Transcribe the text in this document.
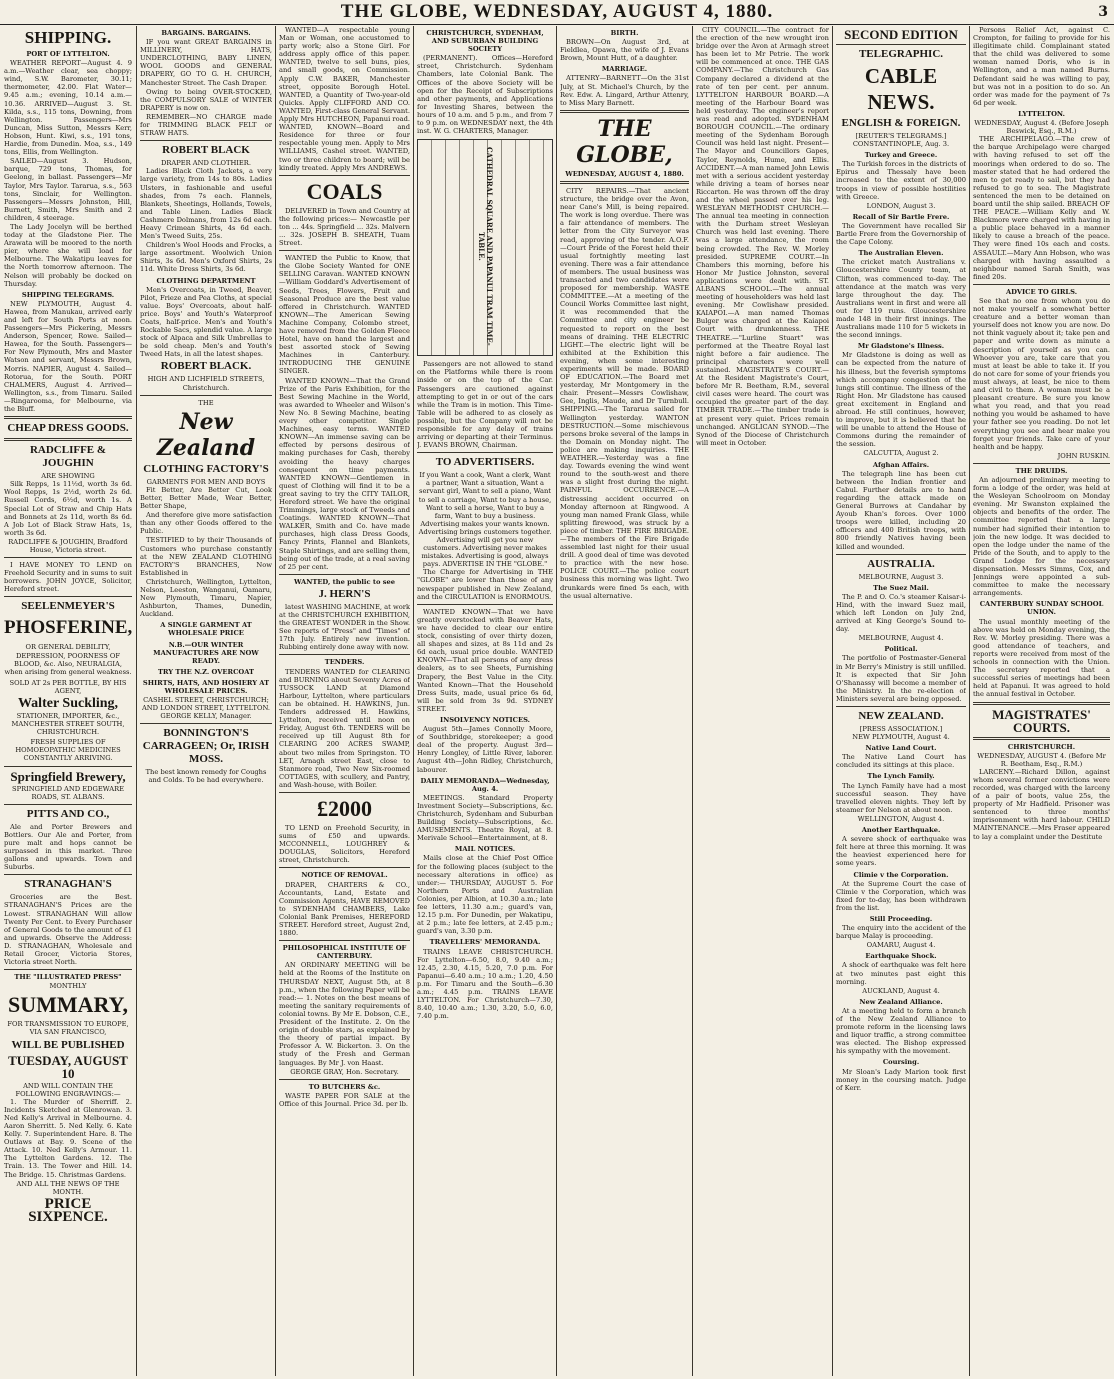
THE GLOBE, WEDNESDAY, AUGUST 4, 1880.	3
SHIPPING.
PORT OF LYTTELTON.

WEATHER REPORT—August 4. 9 a.m.—Weather clear, sea choppy; wind, S.W. Barometer, 30.11; thermometer, 42.00. Flat Water—9.45 a.m.; evening, 10.14 a.m.—10.36. ARRIVED—August 3. St. Kilda, s.s., 115 tons, Downing, from Wellington. Passengers—Mrs Duncan, Miss Sutton, Messrs Kerr, Hobson, Hunt. Kiwi, s.s., 191 tons, Hardie, from Dunedin. Moa, s.s., 149 tons, Ellis, from Wellington.

SAILED—August 3. Hudson, barque, 729 tons, Thomas, for Geelong, in ballast. Passengers—Mr Taylor, Mrs Taylor. Tararua, s.s., 563 tons, Sinclair, for Wellington. Passengers—Messrs Johnston, Hill, Burnett, Smith, Mrs Smith and 2 children, 4 steerage.

The Lady Jocelyn will be berthed today at the Gladstone Pier. The Arawata will be moored to the north pier, where she will load for Melbourne. The Wakatipu leaves for the North tomorrow afternoon. The Nelson will probably be docked on Thursday.

SHIPPING TELEGRAMS.

NEW PLYMOUTH, August 4. Hawea, from Manukau, arrived early and left for South Ports at noon. Passengers—Mrs Pickering, Messrs Anderson, Spencer, Rowe. Sailed—Hawea, for the South. Passengers—For New Plymouth, Mrs and Master Watson and servant, Messrs Brown, Morris. NAPIER, August 4. Sailed—Rotorua, for the South. PORT CHALMERS, August 4. Arrived—Wellington, s.s., from Timaru. Sailed—Ringarooma, for Melbourne, via the Bluff.

CHEAP DRESS GOODS.
RADCLIFFE & JOUGHIN
ARE SHOWING

Silk Repps, 1s 11½d, worth 3s 6d. Wool Repps, 1s 2½d, worth 2s 6d. Russell Cords, 6½d, worth 1s. A Special Lot of Straw and Chip Hats and Bonnets at 2s 11d, worth 8s 6d. A Job Lot of Black Straw Hats, 1s, worth 3s 6d.

RADCLIFFE & JOUGHIN, Bradford House, Victoria street.

I HAVE MONEY TO LEND on Freehold Security and in sums to suit borrowers. JOHN JOYCE, Solicitor, Hereford street.

SEELENMEYER'S
PHOSFERINE,
OR GENERAL DEBILITY, DEPRESSION, POORNESS OF BLOOD, &c. Also, NEURALGIA, when arising from general weakness.
SOLD AT 2s PER BOTTLE, BY HIS AGENT,
Walter Suckling,
STATIONER, IMPORTER, &c., MANCHESTER STREET SOUTH, CHRISTCHURCH.
FRESH SUPPLIES OF HOMOEOPATHIC MEDICINES CONSTANTLY ARRIVING.
Springfield Brewery,
SPRINGFIELD AND EDGEWARE ROADS, ST. ALBANS.
PITTS AND CO.,

Ale and Porter Brewers and Bottlers. Our Ale and Porter, from pure malt and hops cannot be surpassed in this market. Three gallons and upwards. Town and Suburbs.

STRANAGHAN'S

Groceries are the Best. STRANAGHAN'S Prices are the Lowest. STRANAGHAN Will allow Twenty Per Cent. to Every Purchaser of General Goods to the amount of £1 and upwards. Observe the Address: D. STRANAGHAN, Wholesale and Retail Grocer, Victoria Stores, Victoria street North.

THE "ILLUSTRATED PRESS"
MONTHLY
SUMMARY,
FOR TRANSMISSION TO EUROPE, VIA SAN FRANCISCO,
WILL BE PUBLISHED
TUESDAY, AUGUST 10
AND WILL CONTAIN THE FOLLOWING ENGRAVINGS:—

1. The Murder of Sherriff. 2. Incidents Sketched at Glenrowan. 3. Ned Kelly's Arrival in Melbourne. 4. Aaron Sherritt. 5. Ned Kelly. 6. Kate Kelly. 7. Superintendent Hare. 8. The Outlaws at Bay. 9. Scene of the Attack. 10. Ned Kelly's Armour. 11. The Lyttelton Gardens. 12. The Train. 13. The Tower and Hill. 14. The Bridge. 15. Christmas Gardens.

AND ALL THE NEWS OF THE MONTH.
PRICE SIXPENCE.
BARGAINS. BARGAINS.

IF you want GREAT BARGAINS in MILLINERY, HATS, UNDERCLOTHING, BABY LINEN, WOOL GOODS and GENERAL DRAPERY, GO TO G. H. CHURCH, Manchester Street. The Cash Draper.

Owing to being OVER-STOCKED, the COMPULSORY SALE of WINTER DRAPERY is now on.

REMEMBER—NO CHARGE made for TRIMMING BLACK FELT or STRAW HATS.

ROBERT BLACK
DRAPER AND CLOTHIER.

Ladies Black Cloth Jackets, a very large variety, from 14s to 80s. Ladies Ulsters, in fashionable and useful shades, from 7s each. Flannels, Blankets, Sheetings, Hollands, Towels, and Table Linen. Ladies Black Cashmere Dolmans, from 12s 6d each. Heavy Crimean Shirts, 4s 6d each. Men's Tweed Suits, 25s.

Children's Wool Hoods and Frocks, a large assortment. Woolwich Union Shirts, 3s 6d. Men's Oxford Shirts, 2s 11d. White Dress Shirts, 3s 6d.

CLOTHING DEPARTMENT

Men's Overcoats, in Tweed, Beaver, Pilot, Frieze and Pea Cloths, at special value. Boys' Overcoats, about half-price. Boys' and Youth's Waterproof Coats, half-price. Men's and Youth's Rockable Sacs, splendid value. A large stock of Alpaca and Silk Umbrellas to be sold cheap. Men's and Youth's Tweed Hats, in all the latest shapes.

ROBERT BLACK.
HIGH AND LICHFIELD STREETS, Christchurch.
THE
New Zealand
CLOTHING FACTORY'S
GARMENTS FOR MEN AND BOYS

Fit Better, Are Better Cut, Look Better, Better Made, Wear Better, Better Shape,

And therefore give more satisfaction than any other Goods offered to the Public.

TESTIFIED to by their Thousands of Customers who purchase constantly at the NEW ZEALAND CLOTHING FACTORY'S BRANCHES, Now Established in

Christchurch, Wellington, Lyttelton, Nelson, Leeston, Wanganui, Oamaru, New Plymouth, Timaru, Napier, Ashburton, Thames, Dunedin, Auckland.

A SINGLE GARMENT AT WHOLESALE PRICE
N.B.—OUR WINTER MANUFACTURES ARE NOW READY.
TRY THE N.Z. OVERCOAT
SHIRTS, HATS, AND HOSIERY AT WHOLESALE PRICES.
CASHEL STREET, CHRISTCHURCH; AND LONDON STREET, LYTTELTON.
GEORGE KELLY, Manager.
BONNINGTON'S CARRAGEEN; Or, IRISH MOSS.
The best known remedy for Coughs and Colds. To be had everywhere.

WANTED—A respectable young Man or Woman, one accustomed to party work; also a Stone Girl. For address apply office of this paper. WANTED, twelve to sell buns, pies, and small goods, on Commission. Apply C.W. BAKER, Manchester street, opposite Borough Hotel. WANTED, a Quantity of Two-year-old Quicks. Apply CLIFFORD AND CO. WANTED, First-class General Servant. Apply Mrs HUTCHEON, Papanui road. WANTED, KNOWN—Board and Residence for three or four respectable young men. Apply to Mrs WILLIAMS, Cashel street. WANTED, two or three children to board; will be kindly treated. Apply Mrs ANDREWS.

COALS

DELIVERED in Town and Country at the following prices:— Newcastle per ton ... 44s. Springfield ... 32s. Malvern ... 32s. JOSEPH B. SHEATH, Tuam Street.

WANTED the Public to Know, that the Globe Society Wanted for ONE SELLING Caravan. WANTED KNOWN—William Goddard's Advertisement of Seeds, Trees, Flowers, Fruit and Seasonal Produce are the best value offered in Christchurch. WANTED KNOWN—The American Sewing Machine Company, Colombo street, have removed from the Golden Fleece Hotel, have on hand the largest and best assorted stock of Sewing Machines in Canterbury. INTRODUCING THE GENUINE SINGER.

WANTED KNOWN—That the Grand Prize of the Paris Exhibition, for the Best Sewing Machine in the World, was awarded to Wheeler and Wilson's New No. 8 Sewing Machine, beating every other competitor. Single Machines, easy terms. WANTED KNOWN—An immense saving can be effected by persons desirous of making purchases for Cash, thereby avoiding the heavy charges consequent on time payments. WANTED KNOWN—Gentlemen in quest of Clothing will find it to be a great saving to try the CITY TAILOR, Hereford street. We have the original Trimmings, large stock of Tweeds and Coatings. WANTED KNOWN—That WALKER, Smith and Co. have made purchases, high class Dress Goods, Fancy Prints, Flannel and Blankets, Staple Shirtings, and are selling them, being out of the trade, at a real saving of 25 per cent.

WANTED, the public to see
J. HERN'S

latest WASHING MACHINE, at work at the CHRISTCHURCH EXHIBITION, the GREATEST WONDER in the Show. See reports of "Press" and "Times" of 17th July. Entirely new invention. Rubbing entirely done away with now.

TENDERS.

TENDERS WANTED for CLEARING and BURNING about Seventy Acres of TUSSOCK LAND at Diamond Harbour, Lyttelton, where particulars can be obtained. H. HAWKINS, Jun. Tenders addressed H. Hawkins, Lyttelton, received until noon on Friday, August 6th. TENDERS will be received up till August 8th for CLEARING 200 ACRES SWAMP, about two miles from Springston. TO LET, Arnagh street East, close to Stanmore road, Two New Six-roomed COTTAGES, with scullery, and Pantry, and Wash-house, with Boiler.

£2000

TO LEND on Freehold Security, in sums of £50 and upwards. MCCONNELL, LOUGHREY & DOUGLAS, Solicitors, Hereford street, Christchurch.

NOTICE OF REMOVAL.

DRAPER, CHARTERS & CO., Accountants, Land, Estate and Commission Agents, HAVE REMOVED to SYDENHAM CHAMBERS, Lake Colonial Bank Premises, HEREFORD STREET. Hereford street, August 2nd, 1880.

PHILOSOPHICAL INSTITUTE OF CANTERBURY.

AN ORDINARY MEETING will be held at the Rooms of the Institute on THURSDAY NEXT, August 5th, at 8 p.m., when the following Paper will be read:— 1. Notes on the best means of meeting the sanitary requirements of colonial towns. By Mr E. Dobson, C.E., President of the Institute. 2. On the origin of double stars, as explained by the theory of partial impact. By Professor A. W. Bickerton. 3. On the study of the Fresh and German languages. By Mr J. von Haast.

GEORGE GRAY, Hon. Secretary.
TO BUTCHERS &c.

WASTE PAPER FOR SALE at the Office of this Journal. Price 3d. per lb.

CHRISTCHURCH, SYDENHAM, AND SUBURBAN BUILDING SOCIETY

(PERMANENT). Offices—Hereford street, Christchurch. Sydenham Chambers, late Colonial Bank. The Offices of the above Society will be open for the Receipt of Subscriptions and other payments, and Applications for Investing Shares, between the hours of 10 a.m. and 5 p.m., and from 7 to 9 p.m. on WEDNESDAY next, the 4th inst. W. G. CHARTERS, Manager.

CATHEDRAL SQUARE AND PAPANUI TRAM TIME-TABLE.

Passengers are not allowed to stand on the Platforms while there is room inside or on the top of the Car. Passengers are cautioned against attempting to get in or out of the cars while the Tram is in motion. This Time-Table will be adhered to as closely as possible, but the Company will not be responsible for any delay of trains arriving or departing at their Terminus. J. EVANS BROWN, Chairman.

TO ADVERTISERS.
If you Want a cook, Want a clerk, Want a partner, Want a situation, Want a servant girl, Want to sell a piano, Want to sell a carriage, Want to buy a house, Want to sell a horse, Want to buy a farm, Want to buy a business. Advertising makes your wants known. Advertising brings customers together. Advertising will get you new customers. Advertising never makes mistakes. Advertising is good, always pays. ADVERTISE IN THE "GLOBE."

The Charge for Advertising in THE "GLOBE" are lower than those of any newspaper published in New Zealand, and the CIRCULATION is ENORMOUS.

WANTED KNOWN—That we have greatly overstocked with Beaver Hats, we have decided to clear our entire stock, consisting of over thirty dozen, all shapes and sizes, at 8s 11d and 2s 6d each, usual price double. WANTED KNOWN—That all persons of any dress dealers, as to see Sheets, Furnishing Drapery, the Best Value in the City. Wanted Known—That the Household Dress Suits, made, usual price 6s 6d, will be sold from 3s 9d. SYDNEY STREET.

INSOLVENCY NOTICES.

August 5th—James Connolly Moore, of Southbridge, storekeeper; a good deal of the property. August 3rd—Henry Longley, of Little River, laborer. August 4th—John Ridley, Christchurch, labourer.

DAILY MEMORANDA—Wednesday, Aug. 4.

MEETINGS. Standard Property Investment Society—Subscriptions, &c. Christchurch, Sydenham and Suburban Building Society—Subscriptions, &c. AMUSEMENTS. Theatre Royal, at 8. Merivale School—Entertainment, at 8.

MAIL NOTICES.

Mails close at the Chief Post Office for the following places (subject to the necessary alterations in office) as under:— THURSDAY, AUGUST 5. For Northern Ports and Australian Colonies, per Albion, at 10.30 a.m.; late fee letters, 11.30 a.m.; guard's van, 12.15 p.m. For Dunedin, per Wakatipu, at 2 p.m.; late fee letters, at 2.45 p.m.; guard's van, 3.30 p.m.

TRAVELLERS' MEMORANDA.

TRAINS LEAVE CHRISTCHURCH. For Lyttelton—6.50, 8.0, 9.40 a.m.; 12.45, 2.30, 4.15, 5.20, 7.0 p.m. For Papanui—6.40 a.m.; 10 a.m.; 1.20, 4.50 p.m. For Timaru and the South—6.30 a.m.; 4.45 p.m. TRAINS LEAVE LYTTELTON. For Christchurch—7.30, 8.40, 10.40 a.m.; 1.30, 3.20, 5.0, 6.0, 7.40 p.m.

BIRTH.

BROWN—On August 3rd, at Fieldlea, Opawa, the wife of J. Evans Brown, Mount Hutt, of a daughter.

MARRIAGE.

ATTENRY—BARNETT—On the 31st July, at St. Michael's Church, by the Rev. Edw. A. Lingard, Arthur Attenry, to Miss Mary Barnett.

THE GLOBE,
WEDNESDAY, AUGUST 4, 1880.

CITY REPAIRS.—That ancient structure, the bridge over the Avon, near Cane's Mill, is being repaired. The work is long overdue. There was a fair attendance of members. The letter from the City Surveyor was read, approving of the tender. A.O.F.—Court Pride of the Forest held their usual fortnightly meeting last evening. There was a fair attendance of members. The usual business was transacted and two candidates were proposed for membership. WASTE COMMITTEE.—At a meeting of the Council Works Committee last night, it was recommended that the Committee and city engineer be requested to report on the best means of draining. THE ELECTRIC LIGHT.—The electric light will be exhibited at the Exhibition this evening, when some interesting experiments will be made. BOARD OF EDUCATION.—The Board met yesterday, Mr Montgomery in the chair. Present—Messrs Cowlishaw, Gee, Inglis, Maude, and Dr Turnbull. SHIPPING.—The Tararua sailed for Wellington yesterday. WANTON DESTRUCTION.—Some mischievous persons broke several of the lamps in the Domain on Monday night. The police are making inquiries. THE WEATHER.—Yesterday was a fine day. Towards evening the wind went round to the south-west and there was a slight frost during the night. PAINFUL OCCURRENCE.—A distressing accident occurred on Monday afternoon at Ringwood. A young man named Frank Glass, while splitting firewood, was struck by a piece of timber. THE FIRE BRIGADE.—The members of the Fire Brigade assembled last night for their usual drill. A good deal of time was devoted to practice with the new hose. POLICE COURT.—The police court business this morning was light. Two drunkards were fined 5s each, with the usual alternative.

CITY COUNCIL.—The contract for the erection of the new wrought iron bridge over the Avon at Armagh street has been let to Mr Petrie. The work will be commenced at once. THE GAS COMPANY.—The Christchurch Gas Company declared a dividend at the rate of ten per cent. per annum. LYTTELTON HARBOUR BOARD.—A meeting of the Harbour Board was held yesterday. The engineer's report was read and adopted. SYDENHAM BOROUGH COUNCIL.—The ordinary meeting of the Sydenham Borough Council was held last night. Present—The Mayor and Councillors Gapes, Taylor, Reynolds, Hume, and Ellis. ACCIDENT.—A man named John Lewis met with a serious accident yesterday while driving a team of horses near Riccarton. He was thrown off the dray and the wheel passed over his leg. WESLEYAN METHODIST CHURCH.—The annual tea meeting in connection with the Durham street Wesleyan Church was held last evening. There was a large attendance, the room being crowded. The Rev. W. Morley presided. SUPREME COURT.—In Chambers this morning, before his Honor Mr Justice Johnston, several applications were dealt with. ST. ALBANS SCHOOL.—The annual meeting of householders was held last evening. Mr Cowlishaw presided. KAIAPOI.—A man named Thomas Bulger was charged at the Kaiapoi Court with drunkenness. THE THEATRE.—"Lurline Stuart" was performed at the Theatre Royal last night before a fair audience. The principal characters were well sustained. MAGISTRATE'S COURT.—At the Resident Magistrate's Court, before Mr R. Beetham, R.M., several civil cases were heard. The court was occupied the greater part of the day. TIMBER TRADE.—The timber trade is at present very quiet. Prices remain unchanged. ANGLICAN SYNOD.—The Synod of the Diocese of Christchurch will meet in October.

SECOND EDITION
TELEGRAPHIC.
CABLE NEWS.
ENGLISH & FOREIGN.
[REUTER'S TELEGRAMS.]
CONSTANTINOPLE, Aug. 3.
Turkey and Greece.

The Turkish forces in the districts of Epirus and Thessaly have been increased to the extent of 30,000 troops in view of possible hostilities with Greece.

LONDON, August 3.
Recall of Sir Bartle Frere.

The Government have recalled Sir Bartle Frere from the Governorship of the Cape Colony.

The Australian Eleven.

The cricket match Australians v. Gloucestershire County team, at Clifton, was commenced to-day. The attendance at the match was very large throughout the day. The Australians went in first and were all out for 119 runs. Gloucestershire made 148 in their first innings. The Australians made 110 for 5 wickets in the second innings.

Mr Gladstone's Illness.

Mr Gladstone is doing as well as can be expected from the nature of his illness, but the feverish symptoms which accompany congestion of the lungs still continue. The illness of the Right Hon. Mr Gladstone has caused great excitement in England and abroad. He still continues, however, to improve, but it is believed that he will be unable to attend the House of Commons during the remainder of the session.

CALCUTTA, August 2.
Afghan Affairs.

The telegraph line has been cut between the Indian frontier and Cabul. Further details are to hand regarding the attack made on General Burrows at Candahar by Ayoub Khan's forces. Over 1000 troops were killed, including 20 officers and 400 British troops, with 800 friendly Natives having been killed and wounded.

AUSTRALIA.
MELBOURNE, August 3.
The Suez Mail.

The P. and O. Co.'s steamer Kaisar-i-Hind, with the inward Suez mail, which left London on July 2nd, arrived at King George's Sound to-day.

MELBOURNE, August 4.
Political.

The portfolio of Postmaster-General in Mr Berry's Ministry is still unfilled. It is expected that Sir John O'Shanassy will become a member of the Ministry. In the re-election of Ministers several are being opposed.

NEW ZEALAND.
[PRESS ASSOCIATION.]
NEW PLYMOUTH, August 4.
Native Land Court.

The Native Land Court has concluded its sittings at this place.

The Lynch Family.

The Lynch Family have had a most successful season. They have travelled eleven nights. They left by steamer for Nelson at about noon.

WELLINGTON, August 4.
Another Earthquake.

A severe shock of earthquake was felt here at three this morning. It was the heaviest experienced here for some years.

Climie v the Corporation.

At the Supreme Court the case of Climie v the Corporation, which was fixed for to-day, has been withdrawn from the list.

Still Proceeding.

The enquiry into the accident of the barque Malay is proceeding.

OAMARU, August 4.
Earthquake Shock.

A shock of earthquake was felt here at two minutes past eight this morning.

AUCKLAND, August 4.
New Zealand Alliance.

At a meeting held to form a branch of the New Zealand Alliance to promote reform in the licensing laws and liquor traffic, a strong committee was elected. The Bishop expressed his sympathy with the movement.

Coursing.

Mr Sloan's Lady Marion took first money in the coursing match. Judge of Kerr.

Persons Relief Act, against C. Crompton, for failing to provide for his illegitimate child. Complainant stated that the child was delivered to some woman named Doris, who is in Wellington, and a man named Burns. Defendant said he was willing to pay, but was not in a position to do so. An order was made for the payment of 7s 6d per week.

LYTTELTON.
WEDNESDAY, August 4. (Before Joseph Beswick, Esq., R.M.)

THE ARCHIPELAGO.—The crew of the barque Archipelago were charged with having refused to set off the moorings when ordered to do so. The master stated that he had ordered the men to get ready to sail, but they had refused to go to sea. The Magistrate sentenced the men to be detained on board until the ship sailed. BREACH OF THE PEACE.—William Kelly and W. Blackmore were charged with having in a public place behaved in a manner likely to cause a breach of the peace. They were fined 10s each and costs. ASSAULT.—Mary Ann Hobson, who was charged with having assaulted a neighbour named Sarah Smith, was fined 20s.

ADVICE TO GIRLS.

See that no one from whom you do not make yourself a somewhat better creature and a better woman than yourself does not know you are now. Do not think vaguely about it; take pen and paper and write down as minute a description of yourself as you can. Whoever you are, take care that you must at least be able to take it. If you do not care for some of your friends you must always, at least, be nice to them and civil to them. A woman must be a pleasant creature. Be sure you know what you read, and that you read nothing you would be ashamed to have your father see you reading. Do not let everything you see and hear make you forget your friends. Take care of your health and be happy.

JOHN RUSKIN.
THE DRUIDS.

An adjourned preliminary meeting to form a lodge of the order, was held at the Wesleyan Schoolroom on Monday evening. Mr Swanston explained the objects and benefits of the order. The committee reported that a large number had signified their intention to join the new lodge. It was decided to open the lodge under the name of the Pride of the South, and to apply to the Grand Lodge for the necessary dispensation. Messrs Simms, Cox, and Jennings were appointed a sub-committee to make the necessary arrangements.

CANTERBURY SUNDAY SCHOOL UNION.

The usual monthly meeting of the above was held on Monday evening, the Rev. W. Morley presiding. There was a good attendance of teachers, and reports were received from most of the schools in connection with the Union. The secretary reported that a successful series of meetings had been held at Papanui. It was agreed to hold the annual festival in October.

MAGISTRATES' COURTS.
CHRISTCHURCH.
WEDNESDAY, AUGUST 4. (Before Mr R. Beetham, Esq., R.M.)

LARCENY.—Richard Dillon, against whom several former convictions were recorded, was charged with the larceny of a pair of boots, value 25s, the property of Mr Hadfield. Prisoner was sentenced to three months' imprisonment with hard labour. CHILD MAINTENANCE.—Mrs Fraser appeared to lay a complaint under the Destitute
